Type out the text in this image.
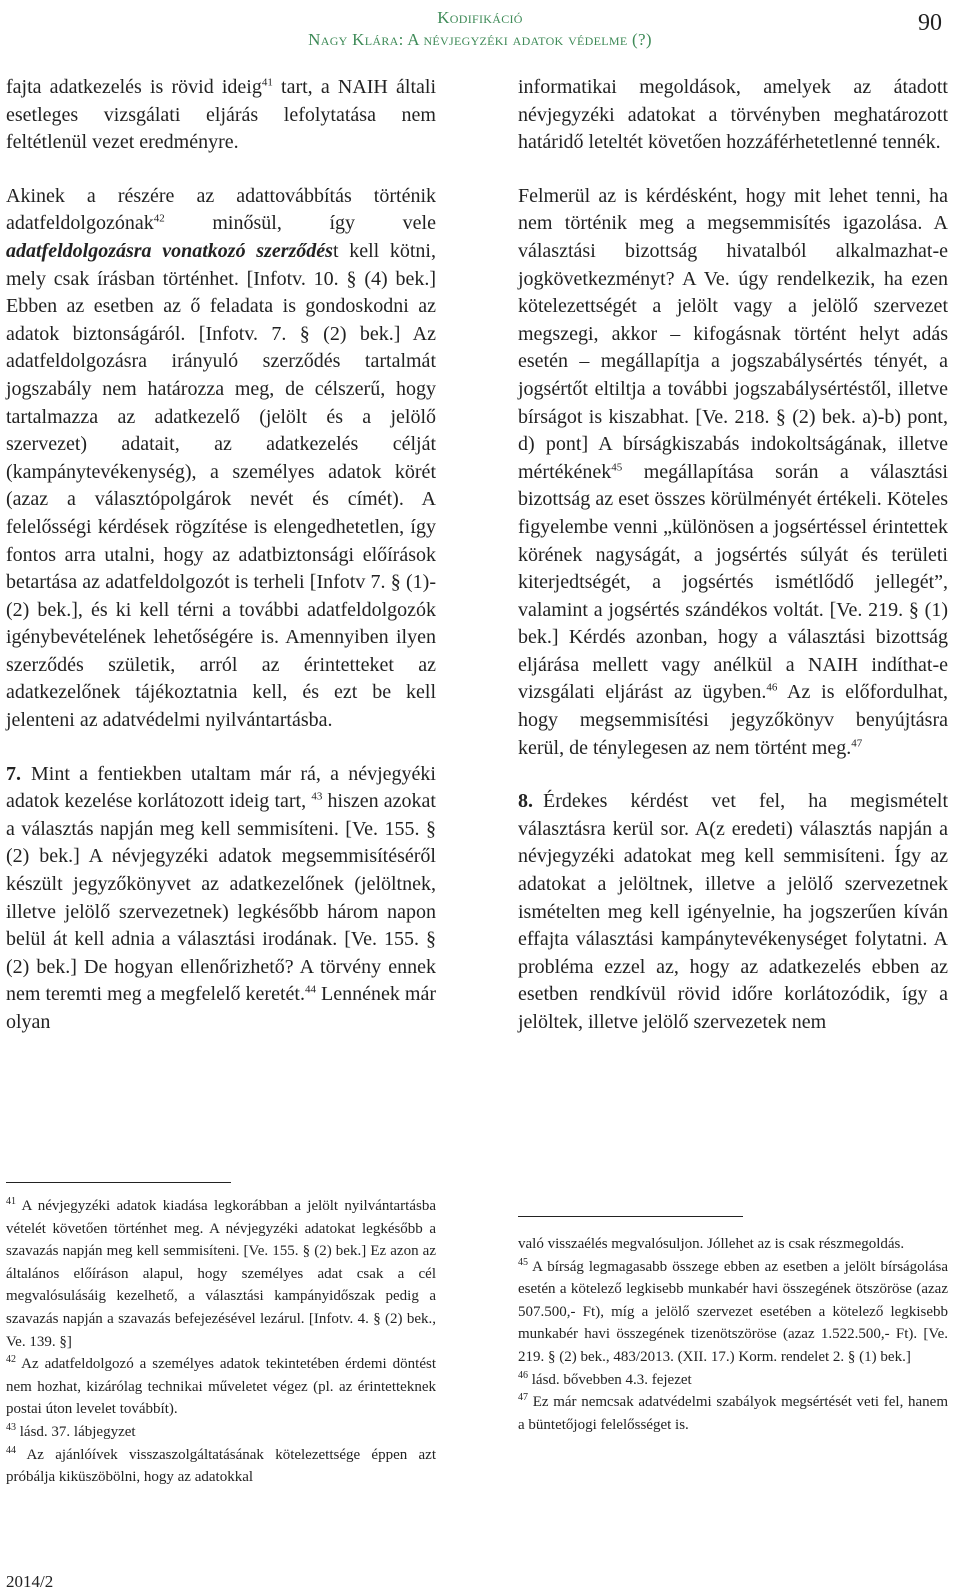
Kodifikáció
Nagy Klára: A névjegyzéki adatok védelme (?)
90

fajta adatkezelés is rövid ideig$^{41}$ tart, a NAIH általi esetleges vizsgálati eljárás lefolytatása nem feltétlenül vezet eredményre.

Akinek a részére az adattovábbítás történik adatfeldolgozónak$^{42}$ minősül, így vele adatfeldolgozásra vonatkozó szerződést kell kötni, mely csak írásban történhet. [Infotv. 10. § (4) bek.] Ebben az esetben az ő feladata is gondoskodni az adatok biztonságáról. [Infotv. 7. § (2) bek.] Az adatfeldolgozásra irányuló szerződés tartalmát jogszabály nem határozza meg, de célszerű, hogy tartalmazza az adatkezelő (jelölt és a jelölő szervezet) adatait, az adatkezelés célját (kampánytevékenység), a személyes adatok körét (azaz a választópolgárok nevét és címét). A felelősségi kérdések rögzítése is elengedhetetlen, így fontos arra utalni, hogy az adatbiztonsági előírások betartása az adatfeldolgozót is terheli [Infotv 7. § (1)-(2) bek.], és ki kell térni a további adatfeldolgozók igénybevételének lehetőségére is. Amennyiben ilyen szerződés születik, arról az érintetteket az adatkezelőnek tájékoztatnia kell, és ezt be kell jelenteni az adatvédelmi nyilvántartásba.

7. Mint a fentiekben utaltam már rá, a névjegyéki adatok kezelése korlátozott ideig tart, $^{43}$ hiszen azokat a választás napján meg kell semmisíteni. [Ve. 155. § (2) bek.] A névjegyzéki adatok megsemmisítéséről készült jegyzőkönyvet az adatkezelőnek (jelöltnek, illetve jelölő szervezetnek) legkésőbb három napon belül át kell adnia a választási irodának. [Ve. 155. § (2) bek.] De hogyan ellenőrizhető? A törvény ennek nem teremti meg a megfelelő keretét.$^{44}$ Lennének már olyan

$^{41}$ A névjegyzéki adatok kiadása legkorábban a jelölt nyilvántartásba vételét követően történhet meg. A névjegyzéki adatokat legkésőbb a szavazás napján meg kell semmisíteni. [Ve. 155. § (2) bek.] Ez azon az általános előíráson alapul, hogy személyes adat csak a cél megvalósulásáig kezelhető, a választási kampányidőszak pedig a szavazás napján a szavazás befejezésével lezárul. [Infotv. 4. § (2) bek., Ve. 139. §]

$^{42}$ Az adatfeldolgozó a személyes adatok tekintetében érdemi döntést nem hozhat, kizárólag technikai műveletet végez (pl. az érintetteknek postai úton levelet továbbít).

$^{43}$ lásd. 37. lábjegyzet

$^{44}$ Az ajánlóívek visszaszolgáltatásának kötelezettsége éppen azt próbálja kiküszöbölni, hogy az adatokkal

informatikai megoldások, amelyek az átadott névjegyzéki adatokat a törvényben meghatározott határidő leteltét követően hozzáférhetetlenné tennék.

Felmerül az is kérdésként, hogy mit lehet tenni, ha nem történik meg a megsemmisítés igazolása. A választási bizottság hivatalból alkalmazhat-e jogkövetkezményt? A Ve. úgy rendelkezik, ha ezen kötelezettségét a jelölt vagy a jelölő szervezet megszegi, akkor – kifogásnak történt helyt adás esetén – megállapítja a jogszabálysértés tényét, a jogsértőt eltiltja a további jogszabálysértéstől, illetve bírságot is kiszabhat. [Ve. 218. § (2) bek. a)-b) pont, d) pont] A bírságkiszabás indokoltságának, illetve mértékének$^{45}$ megállapítása során a választási bizottság az eset összes körülményét értékeli. Köteles figyelembe venni „különösen a jogsértéssel érintettek körének nagyságát, a jogsértés súlyát és területi kiterjedtségét, a jogsértés ismétlődő jellegét”, valamint a jogsértés szándékos voltát. [Ve. 219. § (1) bek.] Kérdés azonban, hogy a választási bizottság eljárása mellett vagy anélkül a NAIH indíthat-e vizsgálati eljárást az ügyben.$^{46}$ Az is előfordulhat, hogy megsemmisítési jegyzőkönyv benyújtásra kerül, de ténylegesen az nem történt meg.$^{47}$

8. Érdekes kérdést vet fel, ha megismételt választásra kerül sor. A(z eredeti) választás napján a névjegyzéki adatokat meg kell semmisíteni. Így az adatokat a jelöltnek, illetve a jelölő szervezetnek ismételten meg kell igényelnie, ha jogszerűen kíván effajta választási kampánytevékenységet folytatni. A probléma ezzel az, hogy az adatkezelés ebben az esetben rendkívül rövid időre korlátozódik, így a jelöltek, illetve jelölő szervezetek nem

való visszaélés megvalósuljon. Jóllehet az is csak részmegoldás.

$^{45}$ A bírság legmagasabb összege ebben az esetben a jelölt bírságolása esetén a kötelező legkisebb munkabér havi összegének ötszöröse (azaz 507.500,- Ft), míg a jelölő szervezet esetében a kötelező legkisebb munkabér havi összegének tizenötszöröse (azaz 1.522.500,- Ft). [Ve. 219. § (2) bek., 483/2013. (XII. 17.) Korm. rendelet 2. § (1) bek.]

$^{46}$ lásd. bővebben 4.3. fejezet

$^{47}$ Ez már nemcsak adatvédelmi szabályok megsértését veti fel, hanem a büntetőjogi felelősséget is.

2014/2
